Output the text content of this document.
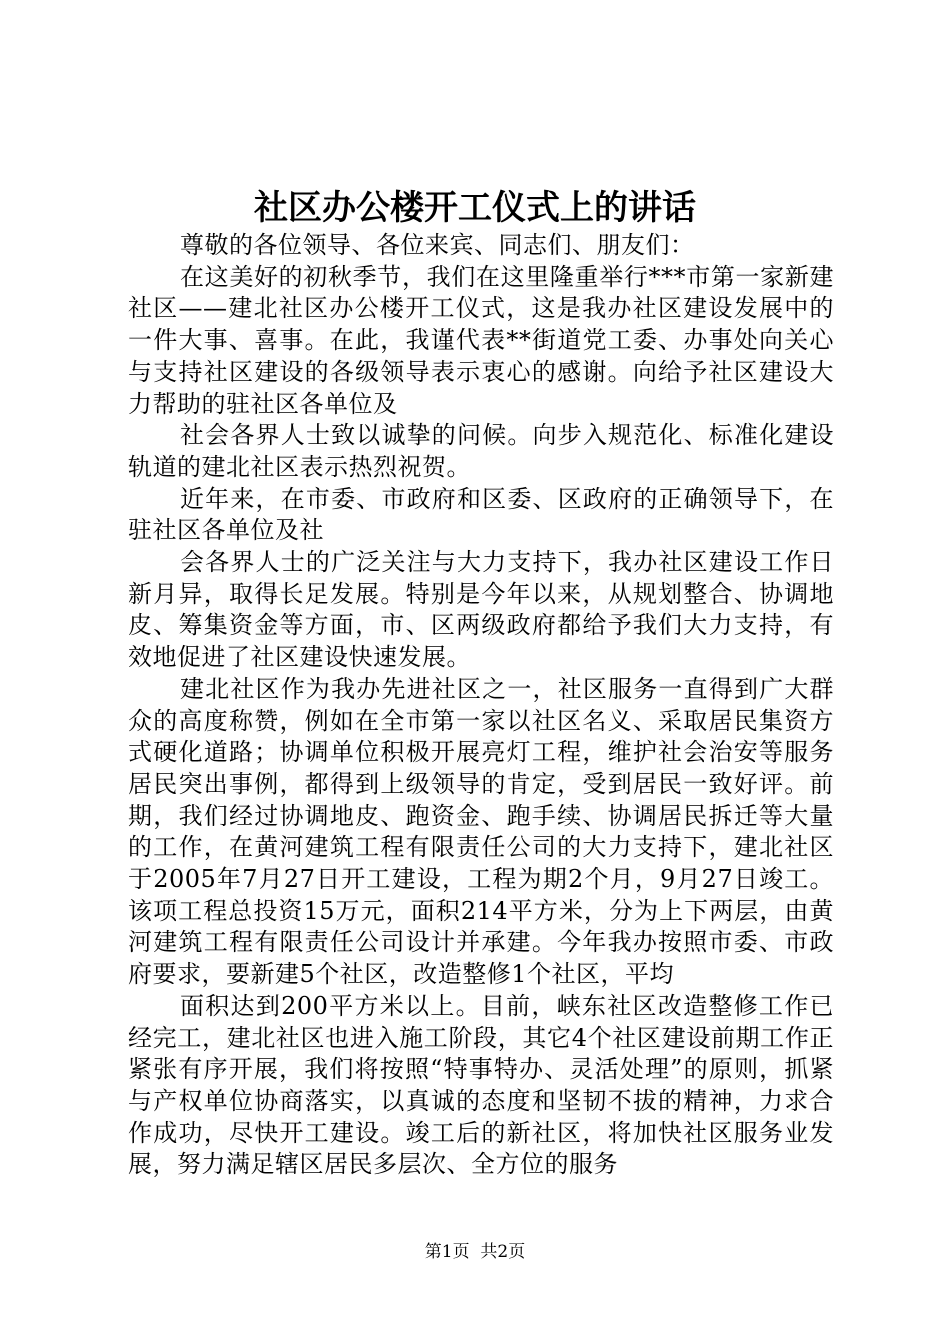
社区办公楼开工仪式上的讲话

尊敬的各位领导、各位来宾、同志们、朋友们：

在这美好的初秋季节，我们在这里隆重举行***市第一家新建社区——建北社区办公楼开工仪式，这是我办社区建设发展中的一件大事、喜事。在此，我谨代表**街道党工委、办事处向关心与支持社区建设的各级领导表示衷心的感谢。向给予社区建设大力帮助的驻社区各单位及

社会各界人士致以诚挚的问候。向步入规范化、标准化建设轨道的建北社区表示热烈祝贺。

近年来，在市委、市政府和区委、区政府的正确领导下，在驻社区各单位及社

会各界人士的广泛关注与大力支持下，我办社区建设工作日新月异，取得长足发展。特别是今年以来，从规划整合、协调地皮、筹集资金等方面，市、区两级政府都给予我们大力支持，有效地促进了社区建设快速发展。

建北社区作为我办先进社区之一，社区服务一直得到广大群众的高度称赞，例如在全市第一家以社区名义、采取居民集资方式硬化道路；协调单位积极开展亮灯工程，维护社会治安等服务居民突出事例，都得到上级领导的肯定，受到居民一致好评。前期，我们经过协调地皮、跑资金、跑手续、协调居民拆迁等大量的工作，在黄河建筑工程有限责任公司的大力支持下，建北社区于2005年7月27日开工建设，工程为期2个月，9月27日竣工。该项工程总投资15万元，面积214平方米，分为上下两层，由黄河建筑工程有限责任公司设计并承建。今年我办按照市委、市政府要求，要新建5个社区，改造整修1个社区，平均

面积达到200平方米以上。目前，峡东社区改造整修工作已经完工，建北社区也进入施工阶段，其它4个社区建设前期工作正紧张有序开展，我们将按照“特事特办、灵活处理”的原则，抓紧与产权单位协商落实，以真诚的态度和坚韧不拔的精神，力求合作成功，尽快开工建设。竣工后的新社区，将加快社区服务业发展，努力满足辖区居民多层次、全方位的服务

第1页  共2页
